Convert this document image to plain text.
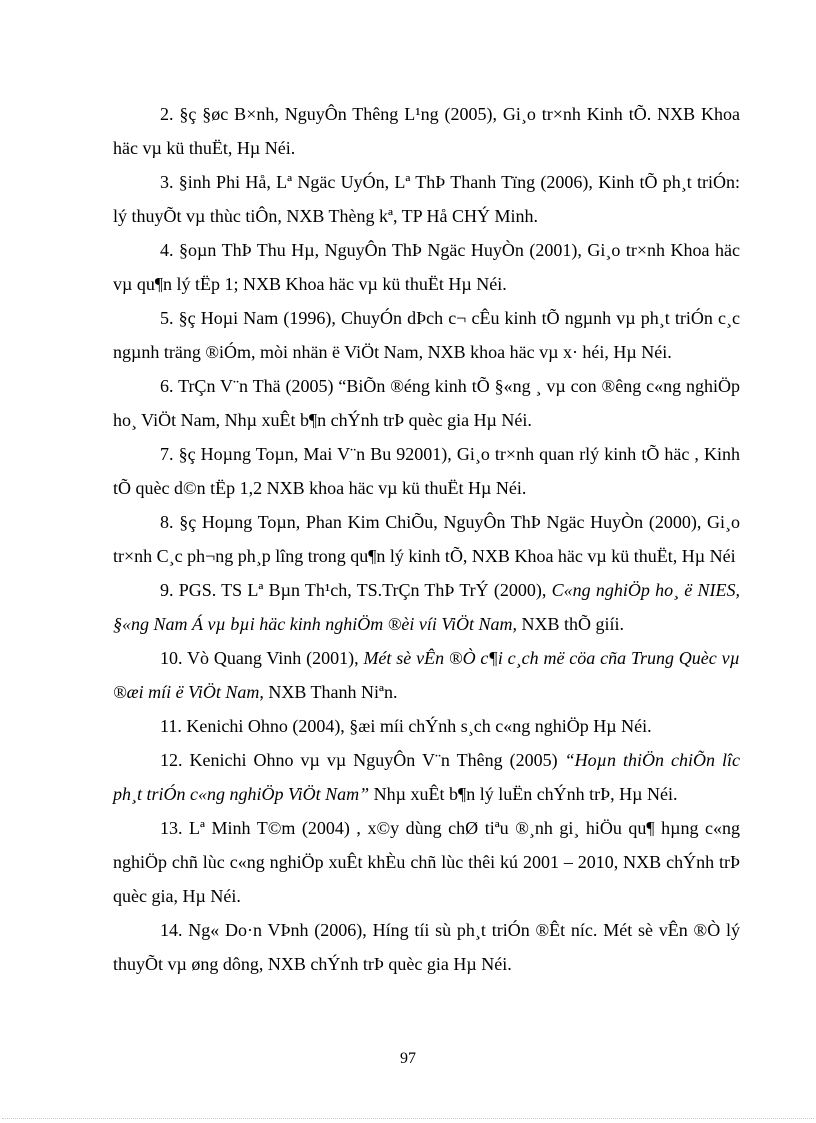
2. §ç §øc B×nh, NguyÔn Thêng L¹ng (2005), Gi¸o tr×nh Kinh tÕ. NXB Khoa häc vµ kü thuËt, Hµ Néi.

3. §inh Phi Hå, Lª Ngäc UyÓn, Lª ThÞ Thanh Tïng (2006), Kinh tÕ ph¸t triÓn: lý thuyÕt vµ thùc tiÔn, NXB Thèng kª, TP Hå CHÝ Minh.

4. §oµn ThÞ Thu Hµ, NguyÔn ThÞ Ngäc HuyÒn (2001), Gi¸o tr×nh Khoa häc vµ qu¶n lý tËp 1; NXB Khoa häc vµ kü thuËt Hµ Néi.

5. §ç Hoµi Nam (1996), ChuyÓn dÞch c¬ cÊu kinh tÕ ngµnh vµ ph¸t triÓn c¸c ngµnh träng ®iÓm, mòi nhän ë ViÖt Nam, NXB khoa häc vµ x· héi, Hµ Néi.

6. TrÇn V¨n Thä (2005) “BiÕn ®éng kinh tÕ §«ng ¸ vµ con ®êng c«ng nghiÖp ho¸ ViÖt Nam, Nhµ xuÊt b¶n chÝnh trÞ quèc gia Hµ Néi.

7. §ç Hoµng Toµn, Mai V¨n Bu 92001), Gi¸o tr×nh quan rlý kinh tÕ häc , Kinh tÕ quèc d©n tËp 1,2 NXB khoa häc vµ kü thuËt Hµ Néi.

8. §ç Hoµng Toµn, Phan Kim ChiÕu, NguyÔn ThÞ Ngäc HuyÒn (2000), Gi¸o tr×nh C¸c ph¬ng ph¸p lîng trong qu¶n lý kinh tÕ, NXB Khoa häc vµ kü thuËt, Hµ Néi

9. PGS. TS Lª Bµn Th¹ch, TS.TrÇn ThÞ TrÝ (2000), C«ng nghiÖp ho¸ ë NIES, §«ng Nam Á vµ bµi häc kinh nghiÖm ®èi víi ViÖt Nam, NXB thÕ giíi.

10. Vò Quang Vinh (2001), Mét sè vÊn ®Ò c¶i c¸ch më cöa cña Trung Quèc vµ ®æi míi ë ViÖt Nam, NXB Thanh Niªn.

11. Kenichi Ohno (2004), §æi míi chÝnh s¸ch c«ng nghiÖp Hµ Néi.

12. Kenichi Ohno vµ vµ NguyÔn V¨n Thêng (2005) “Hoµn thiÖn chiÕn lîc ph¸t triÓn c«ng nghiÖp ViÖt Nam” Nhµ xuÊt b¶n lý luËn chÝnh trÞ, Hµ Néi.

13. Lª Minh T©m (2004) , x©y dùng chØ tiªu ®¸nh gi¸ hiÖu qu¶ hµng c«ng nghiÖp chñ lùc c«ng nghiÖp xuÊt khÈu chñ lùc thêi kú 2001 – 2010, NXB chÝnh trÞ quèc gia, Hµ Néi.

14. Ng« Do·n VÞnh (2006), Híng tíi sù ph¸t triÓn ®Êt níc. Mét sè vÊn ®Ò lý thuyÕt vµ øng dông, NXB chÝnh trÞ quèc gia Hµ Néi.

97
